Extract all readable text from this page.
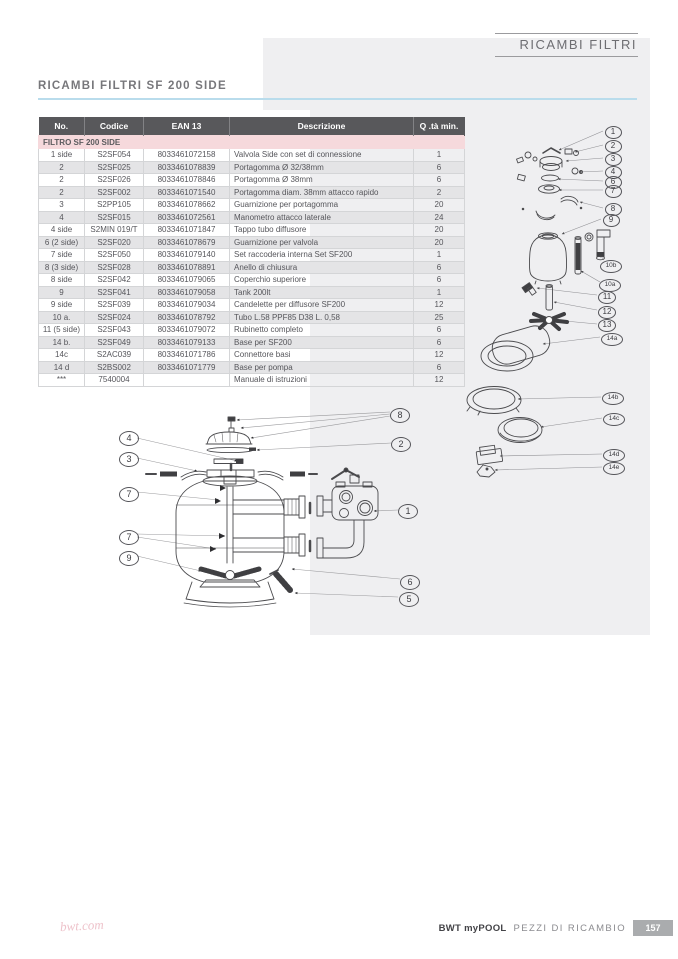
RICAMBI FILTRI
RICAMBI FILTRI SF 200 SIDE
No.	Codice	EAN 13	Descrizione	Q .tà min.
FILTRO SF 200 SIDE				
1 side	S2SF054	8033461072158	Valvola Side con set di connessione	1
2	S2SF025	8033461078839	Portagomma Ø 32/38mm	6
2	S2SF026	8033461078846	Portagomma Ø 38mm	6
2	S2SF002	8033461071540	Portagomma diam. 38mm attacco rapido	2
3	S2PP105	8033461078662	Guarnizione per portagomma	20
4	S2SF015	8033461072561	Manometro attacco laterale	24
4 side	S2MIN 019/T	8033461071847	Tappo tubo diffusore	20
6 (2 side)	S2SF020	8033461078679	Guarnizione per valvola	20
7 side	S2SF050	8033461079140	Set raccoderia interna Set SF200	1
8 (3 side)	S2SF028	8033461078891	Anello di chiusura	6
8 side	S2SF042	8033461079065	Coperchio superiore	6
9	S2SF041	8033461079058	Tank 200lt	1
9 side	S2SF039	8033461079034	Candelette per diffusore SF200	12
10 a.	S2SF024	8033461078792	Tubo L.58 PPF85 D38 L. 0,58	25
11 (5 side)	S2SF043	8033461079072	Rubinetto completo	6
14 b.	S2SF049	8033461079133	Base per SF200	6
14c	S2AC039	8033461071786	Connettore basi	12
14 d	S2BS002	8033461071779	Base per pompa	6
***	7540004		Manuale di istruzioni	12
bwt.com	BWT myPOOL PEZZI DI RICAMBIO	157
1
2
3
4
6
7
8
9
10b
10a
11
12
13
14a
14b
14c
14d
14e
8
2
4
3
7
7
9
1
6
5
